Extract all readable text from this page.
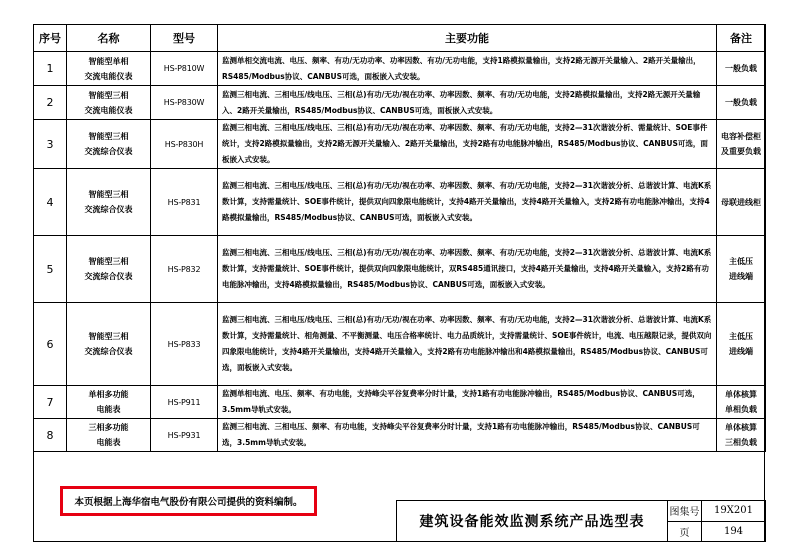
序号	名称	型号	主要功能	备注
1	智能型单相
交流电能仪表	HS-P810W	监测单相交流电流、电压、频率、有功/无功功率、功率因数、有功/无功电能，支持1路模拟量输出，支持2路无源开关量输入、2路开关量输出，RS485/Modbus协议、CANBUS可选，面板嵌入式安装。	一般负载
2	智能型三相
交流电能仪表	HS-P830W	监测三相电流、三相电压/线电压、三相(总)有功/无功/视在功率、功率因数、频率、有功/无功电能，支持2路模拟量输出，支持2路无源开关量输入、2路开关量输出，RS485/Modbus协议、CANBUS可选，面板嵌入式安装。	一般负载
3	智能型三相
交流综合仪表	HS-P830H	监测三相电流、三相电压/线电压、三相(总)有功/无功/视在功率、功率因数、频率、有功/无功电能，支持2—31次谐波分析、需量统计、SOE事件统计，支持2路模拟量输出，支持2路无源开关量输入、2路开关量输出，支持2路有功电能脉冲输出，RS485/Modbus协议、CANBUS可选，面板嵌入式安装。	电容补偿柜及重要负载
4	智能型三相
交流综合仪表	HS-P831	监测三相电流、三相电压/线电压、三相(总)有功/无功/视在功率、功率因数、频率、有功/无功电能，支持2—31次谐波分析、总谐波计算、电流K系数计算，支持需量统计、SOE事件统计，提供双向四象限电能统计，支持4路开关量输出，支持4路开关量输入，支持2路有功电能脉冲输出，支持4路模拟量输出，RS485/Modbus协议、CANBUS可选，面板嵌入式安装。	母联进线柜
5	智能型三相
交流综合仪表	HS-P832	监测三相电流、三相电压/线电压、三相(总)有功/无功/视在功率、功率因数、频率、有功/无功电能，支持2—31次谐波分析、总谐波计算、电流K系数计算，支持需量统计、SOE事件统计，提供双向四象限电能统计，双RS485通讯接口，支持4路开关量输出，支持4路开关量输入，支持2路有功电能脉冲输出，支持4路模拟量输出，RS485/Modbus协议、CANBUS可选，面板嵌入式安装。	主低压
进线端
6	智能型三相
交流综合仪表	HS-P833	监测三相电流、三相电压/线电压、三相(总)有功/无功/视在功率、功率因数、频率、有功/无功电能，支持2—31次谐波分析、总谐波计算、电流K系数计算，支持需量统计、相角测量、不平衡测量、电压合格率统计、电力品质统计，支持需量统计、SOE事件统计，电流、电压越限记录，提供双向四象限电能统计，支持4路开关量输出，支持4路开关量输入，支持2路有功电能脉冲输出和4路模拟量输出，RS485/Modbus协议、CANBUS可选，面板嵌入式安装。	主低压
进线端
7	单相多功能
电能表	HS-P911	监测单相电流、电压、频率、有功电能，支持峰尖平谷复费率分时计量，支持1路有功电能脉冲输出，RS485/Modbus协议、CANBUS可选，3.5mm导轨式安装。	单体核算
单相负载
8	三相多功能
电能表	HS-P931	监测三相电流、三相电压、频率、有功电能，支持峰尖平谷复费率分时计量，支持1路有功电能脉冲输出，RS485/Modbus协议、CANBUS可选，3.5mm导轨式安装。	单体核算
三相负载
本页根据上海华宿电气股份有限公司提供的资料编制。
建筑设备能效监测系统产品选型表	图集号	19X201
	页	194
